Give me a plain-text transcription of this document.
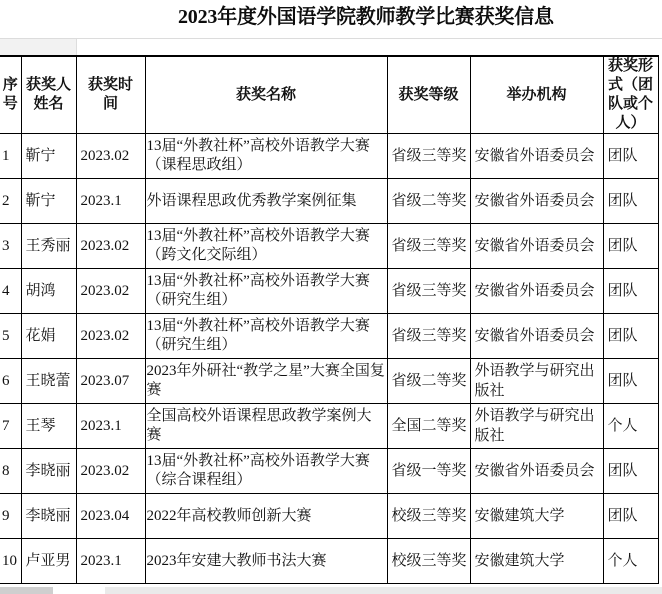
2023年度外国语学院教师教学比赛获奖信息
序号	获奖人姓名	获奖时间	获奖名称	获奖等级	举办机构	获奖形式（团队或个人）
1	靳宁	2023.02	13届“外教社杯”高校外语教学大赛（课程思政组）	省级三等奖	安徽省外语委员会	团队
2	靳宁	2023.1	外语课程思政优秀教学案例征集	省级二等奖	安徽省外语委员会	团队
3	王秀丽	2023.02	13届“外教社杯”高校外语教学大赛（跨文化交际组）	省级三等奖	安徽省外语委员会	团队
4	胡鸿	2023.02	13届“外教社杯”高校外语教学大赛（研究生组）	省级三等奖	安徽省外语委员会	团队
5	花娟	2023.02	13届“外教社杯”高校外语教学大赛（研究生组）	省级三等奖	安徽省外语委员会	团队
6	王晓蕾	2023.07	2023年外研社“教学之星”大赛全国复赛	省级二等奖	外语教学与研究出版社	团队
7	王琴	2023.1	全国高校外语课程思政教学案例大赛	全国二等奖	外语教学与研究出版社	个人
8	李晓丽	2023.02	13届“外教社杯”高校外语教学大赛（综合课程组）	省级一等奖	安徽省外语委员会	团队
9	李晓丽	2023.04	2022年高校教师创新大赛	校级三等奖	安徽建筑大学	团队
10	卢亚男	2023.1	2023年安建大教师书法大赛	校级三等奖	安徽建筑大学	个人
